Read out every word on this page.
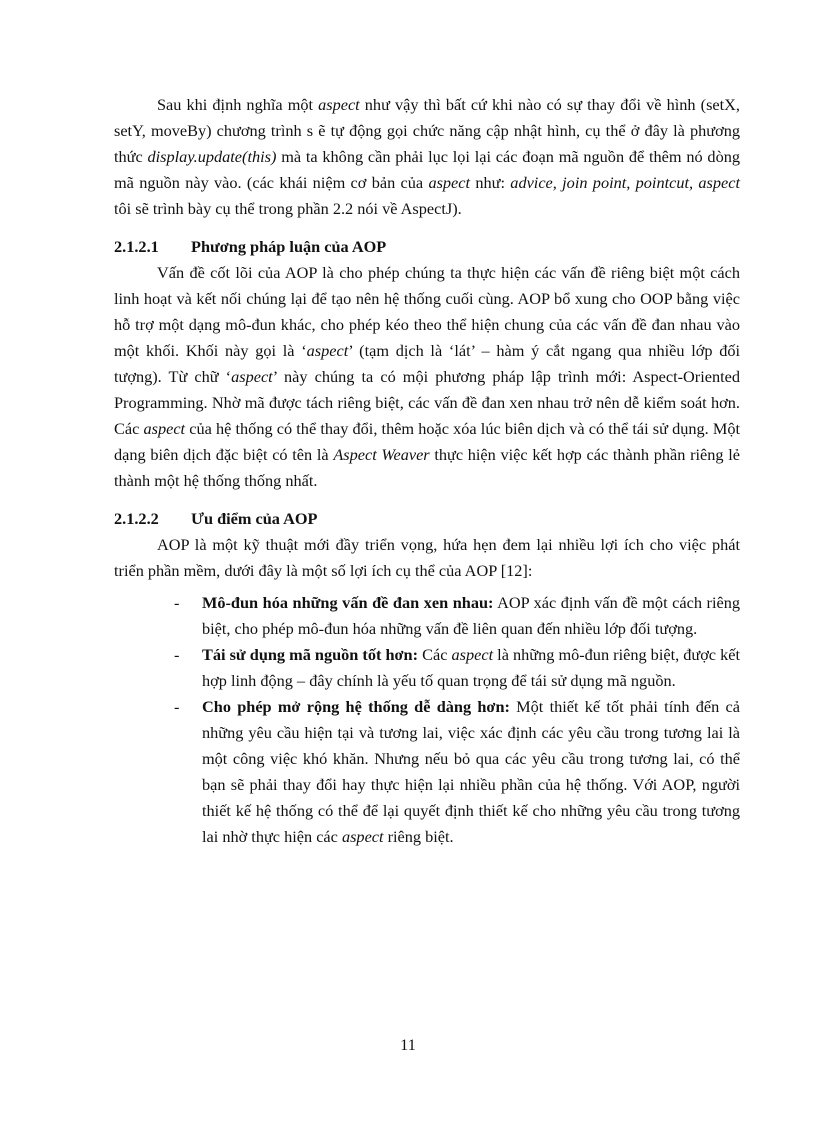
Sau khi định nghĩa một aspect như vậy thì bất cứ khi nào có sự thay đổi về hình (setX, setY, moveBy) chương trình s ẽ tự động gọi chức năng cập nhật hình, cụ thể ở đây là phương thức display.update(this) mà ta không cần phải lục lọi lại các đoạn mã nguồn để thêm nó dòng mã nguồn này vào. (các khái niệm cơ bản của aspect như: advice, join point, pointcut, aspect tôi sẽ trình bày cụ thể trong phần 2.2 nói về AspectJ).

2.1.2.1 Phương pháp luận của AOP

Vấn đề cốt lõi của AOP là cho phép chúng ta thực hiện các vấn đề riêng biệt một cách linh hoạt và kết nối chúng lại để tạo nên hệ thống cuối cùng. AOP bổ xung cho OOP bằng việc hỗ trợ một dạng mô-đun khác, cho phép kéo theo thể hiện chung của các vấn đề đan nhau vào một khối. Khối này gọi là ‘aspect’ (tạm dịch là ‘lát’ – hàm ý cắt ngang qua nhiều lớp đối tượng). Từ chữ ‘aspect’ này chúng ta có mội phương pháp lập trình mới: Aspect-Oriented Programming. Nhờ mã được tách riêng biệt, các vấn đề đan xen nhau trở nên dễ kiểm soát hơn. Các aspect của hệ thống có thể thay đổi, thêm hoặc xóa lúc biên dịch và có thể tái sử dụng. Một dạng biên dịch đặc biệt có tên là Aspect Weaver thực hiện việc kết hợp các thành phần riêng lẻ thành một hệ thống thống nhất.

2.1.2.2 Ưu điểm của AOP

AOP là một kỹ thuật mới đầy triển vọng, hứa hẹn đem lại nhiều lợi ích cho việc phát triển phần mềm, dưới đây là một số lợi ích cụ thể của AOP [12]:

- Mô-đun hóa những vấn đề đan xen nhau: AOP xác định vấn đề một cách riêng biệt, cho phép mô-đun hóa những vấn đề liên quan đến nhiều lớp đối tượng.
- Tái sử dụng mã nguồn tốt hơn: Các aspect là những mô-đun riêng biệt, được kết hợp linh động – đây chính là yếu tố quan trọng để tái sử dụng mã nguồn.
- Cho phép mở rộng hệ thống dễ dàng hơn: Một thiết kế tốt phải tính đến cả những yêu cầu hiện tại và tương lai, việc xác định các yêu cầu trong tương lai là một công việc khó khăn. Nhưng nếu bỏ qua các yêu cầu trong tương lai, có thể bạn sẽ phải thay đổi hay thực hiện lại nhiều phần của hệ thống. Với AOP, người thiết kế hệ thống có thể để lại quyết định thiết kế cho những yêu cầu trong tương lai nhờ thực hiện các aspect riêng biệt.
11
